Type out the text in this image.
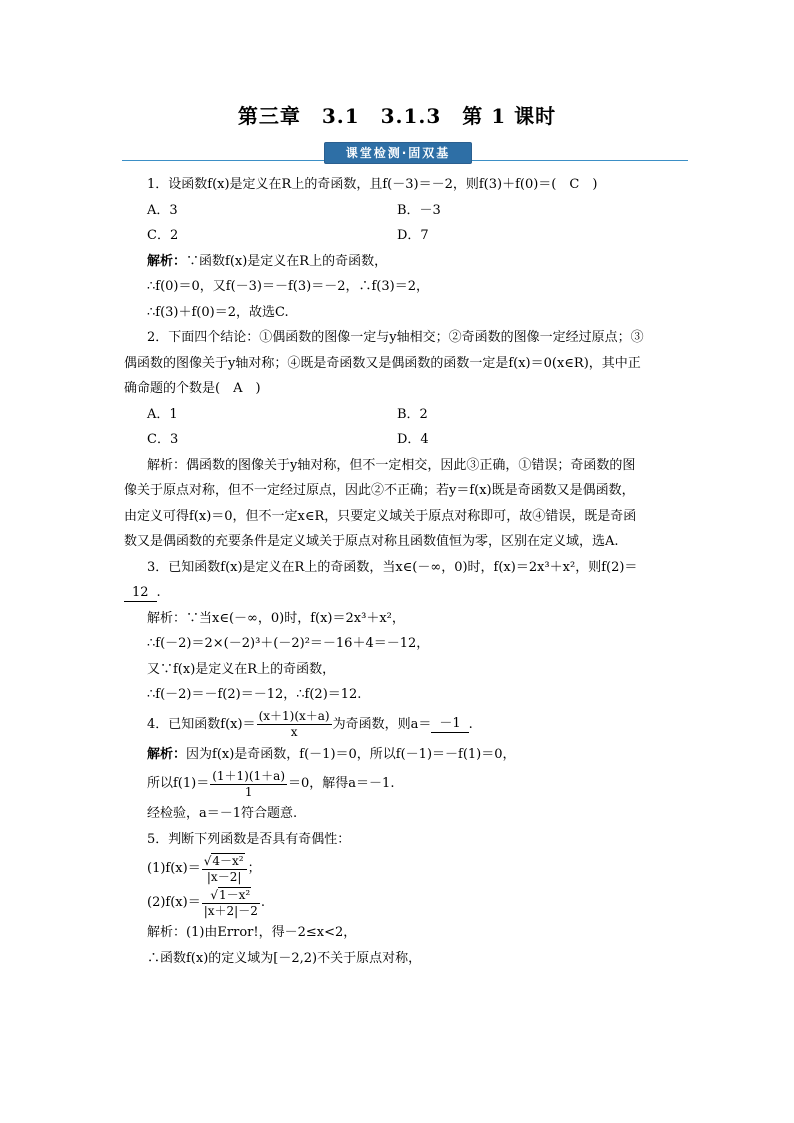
第三章　3.1　3.1.3　第 1 课时
课堂检测·固双基
1．设函数f(x)是定义在R上的奇函数，且f(－3)＝－2，则f(3)＋f(0)＝(　C　)
A．3	B．－3
C．2	D．7
解析：∵函数f(x)是定义在R上的奇函数，
∴f(0)＝0，又f(－3)＝－f(3)＝－2，∴f(3)＝2，
∴f(3)＋f(0)＝2，故选C.
2．下面四个结论：①偶函数的图像一定与y轴相交；②奇函数的图像一定经过原点；③
偶函数的图像关于y轴对称；④既是奇函数又是偶函数的函数一定是f(x)＝0(x∈R)，其中正
确命题的个数是(　A　)
A．1	B．2
C．3	D．4
解析：偶函数的图像关于y轴对称，但不一定相交，因此③正确，①错误；奇函数的图
像关于原点对称，但不一定经过原点，因此②不正确；若y＝f(x)既是奇函数又是偶函数，
由定义可得f(x)＝0，但不一定x∈R，只要定义域关于原点对称即可，故④错误，既是奇函
数又是偶函数的充要条件是定义域关于原点对称且函数值恒为零，区别在定义域，选A.
3．已知函数f(x)是定义在R上的奇函数，当x∈(－∞，0)时，f(x)＝2x³＋x²，则f(2)＝
12 .
解析：∵当x∈(－∞，0)时，f(x)＝2x³＋x²，
∴f(－2)＝2×(－2)³＋(－2)²＝－16＋4＝－12，
又∵f(x)是定义在R上的奇函数，
∴f(－2)＝－f(2)＝－12，∴f(2)＝12.
4．已知函数$f(x)= \frac{(x+1)(x+a)}{x}$ 为奇函数，则a＝ －1 .
解析：因为f(x)是奇函数，f(－1)＝0，所以f(－1)＝－f(1)＝0，
所以$f(1)= \frac{(1+1)(1+a)}{1} =0$，解得a＝－1.
经检验，a＝－1符合题意.
5．判断下列函数是否具有奇偶性：
$(1)f(x)= \frac{\text{√4－x²}}{|x-2|}$ ；
$(2)f(x)= \frac{\text{√1－x²}}{|x+2|-2}$ .
解析：(1)由Error!，得－2≤x<2，
∴函数f(x)的定义域为[－2,2)不关于原点对称，
